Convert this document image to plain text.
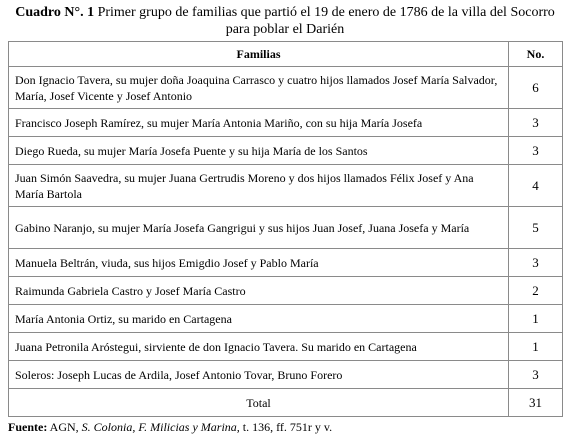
Cuadro N°. 1 Primer grupo de familias que partió el 19 de enero de 1786 de la villa del Socorro para poblar el Darién
Familias	No.
Don Ignacio Tavera, su mujer doña Joaquina Carrasco y cuatro hijos llamados Josef María Salvador, María, Josef Vicente y Josef Antonio	6
Francisco Joseph Ramírez, su mujer María Antonia Mariño, con su hija María Josefa	3
Diego Rueda, su mujer María Josefa Puente y su hija María de los Santos	3
Juan Simón Saavedra, su mujer Juana Gertrudis Moreno y dos hijos llamados Félix Josef y Ana María Bartola	4
Gabino Naranjo, su mujer María Josefa Gangrigui y sus hijos Juan Josef, Juana Josefa y María	5
Manuela Beltrán, viuda, sus hijos Emigdio Josef y Pablo María	3
Raimunda Gabriela Castro y Josef María Castro	2
María Antonia Ortiz, su marido en Cartagena	1
Juana Petronila Aróstegui, sirviente de don Ignacio Tavera. Su marido en Cartagena	1
Soleros: Joseph Lucas de Ardila, Josef Antonio Tovar, Bruno Forero	3
Total	31
Fuente: AGN, S. Colonia, F. Milicias y Marina, t. 136, ff. 751r y v.
